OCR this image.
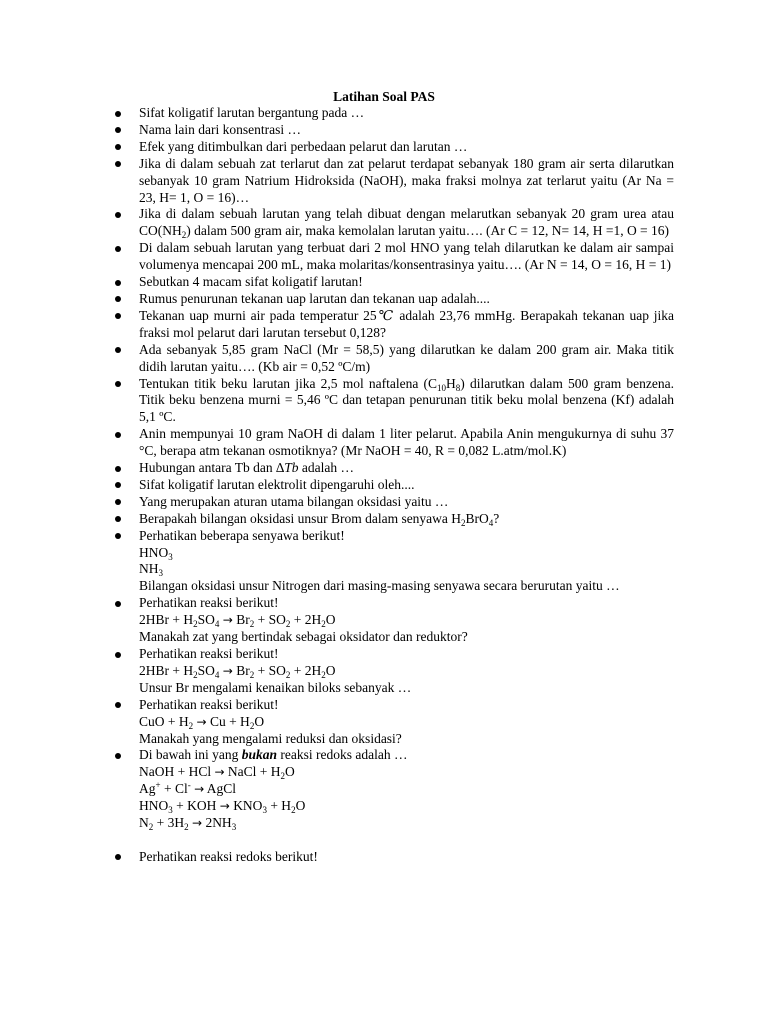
Latihan Soal PAS
Sifat koligatif larutan bergantung pada …
Nama lain dari konsentrasi …
Efek yang ditimbulkan dari perbedaan pelarut dan larutan …
Jika di dalam sebuah zat terlarut dan zat pelarut terdapat sebanyak 180 gram air serta dilarutkan sebanyak 10 gram Natrium Hidroksida (NaOH), maka fraksi molnya zat terlarut yaitu (Ar Na = 23, H= 1, O = 16)…
Jika di dalam sebuah larutan yang telah dibuat dengan melarutkan sebanyak 20 gram urea atau $CO(NH_2)$ dalam 500 gram air, maka kemolalan larutan yaitu…. (Ar C = 12, N= 14, H =1, O = 16)
Di dalam sebuah larutan yang terbuat dari 2 mol HNO yang telah dilarutkan ke dalam air sampai volumenya mencapai 200 mL, maka molaritas/konsentrasinya yaitu…. (Ar N = 14, O = 16, H = 1)
Sebutkan 4 macam sifat koligatif larutan!
Rumus penurunan tekanan uap larutan dan tekanan uap adalah....
Tekanan uap murni air pada temperatur 25℃ adalah 23,76 mmHg. Berapakah tekanan uap jika fraksi mol pelarut dari larutan tersebut 0,128?
Ada sebanyak 5,85 gram NaCl (Mr = 58,5) yang dilarutkan ke dalam 200 gram air. Maka titik didih larutan yaitu…. (Kb air = 0,52 ºC/m)
Tentukan titik beku larutan jika 2,5 mol naftalena $(C_{10}H_8)$ dilarutkan dalam 500 gram benzena. Titik beku benzena murni = 5,46 ºC dan tetapan penurunan titik beku molal benzena (Kf) adalah 5,1 ºC.
Anin mempunyai 10 gram NaOH di dalam 1 liter pelarut. Apabila Anin mengukurnya di suhu 37 °C, berapa atm tekanan osmotiknya? (Mr NaOH = 40, R = 0,082 L.atm/mol.K)
Hubungan antara Tb dan ∆Tb adalah …
Sifat koligatif larutan elektrolit dipengaruhi oleh....
Yang merupakan aturan utama bilangan oksidasi yaitu …
Berapakah bilangan oksidasi unsur Brom dalam senyawa $H_2BrO_4$?
Perhatikan beberapa senyawa berikut!
$HNO_3$
$NH_3$
Bilangan oksidasi unsur Nitrogen dari masing-masing senyawa secara berurutan yaitu …
Perhatikan reaksi berikut!
$2HBr + H_2SO_4 \to Br_2 + SO_2 + 2H_2O$
Manakah zat yang bertindak sebagai oksidator dan reduktor?
Perhatikan reaksi berikut!
$2HBr + H_2SO_4 \to Br_2 + SO_2 + 2H_2O$
Unsur Br mengalami kenaikan biloks sebanyak …
Perhatikan reaksi berikut!
CuO + $H_2 \to Cu + H_2O$
Manakah yang mengalami reduksi dan oksidasi?
Di bawah ini yang bukan reaksi redoks adalah …
NaOH + HCl → NaCl + $H_2O$
Ag+ + Cl- → AgCl
$HNO_3$ + KOH → $KNO_3 + H_2O$
$N_2 + 3H_2 \to 2NH_3$
Perhatikan reaksi redoks berikut!
